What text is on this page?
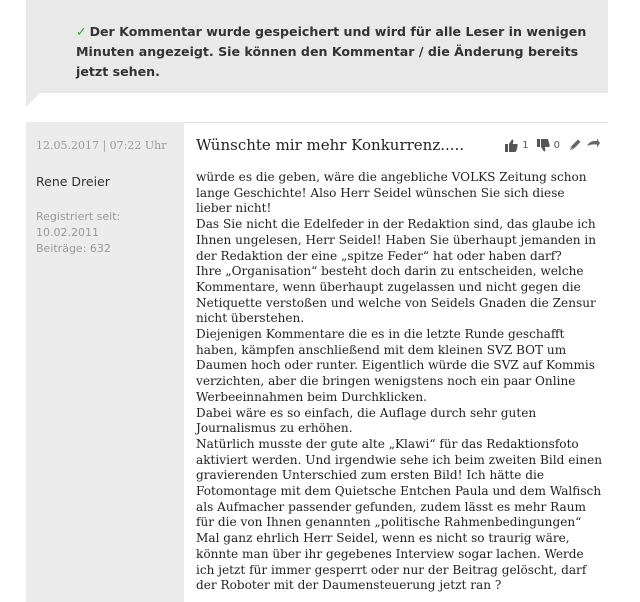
✓ Der Kommentar wurde gespeichert und wird für alle Leser in wenigen Minuten angezeigt. Sie können den Kommentar / die Änderung bereits jetzt sehen.
12.05.2017 | 07:22 Uhr
Rene Dreier
Registriert seit: 10.02.2011
Beiträge: 632
Wünschte mir mehr Konkurrenz.....	1	0

würde es die geben, wäre die angebliche VOLKS Zeitung schon lange Geschichte! Also Herr Seidel wünschen Sie sich diese lieber nicht!

Das Sie nicht die Edelfeder in der Redaktion sind, das glaube ich Ihnen ungelesen, Herr Seidel! Haben Sie überhaupt jemanden in der Redaktion der eine „spitze Feder“ hat oder haben darf?

Ihre „Organisation“ besteht doch darin zu entscheiden, welche Kommentare, wenn überhaupt zugelassen und nicht gegen die Netiquette verstoßen und welche von Seidels Gnaden die Zensur nicht überstehen.

Diejenigen Kommentare die es in die letzte Runde geschafft haben, kämpfen anschließend mit dem kleinen SVZ BOT um Daumen hoch oder runter. Eigentlich würde die SVZ auf Kommis verzichten, aber die bringen wenigstens noch ein paar Online Werbeeinnahmen beim Durchklicken.

Dabei wäre es so einfach, die Auflage durch sehr guten Journalismus zu erhöhen.

Natürlich musste der gute alte „Klawi“ für das Redaktionsfoto aktiviert werden. Und irgendwie sehe ich beim zweiten Bild einen gravierenden Unterschied zum ersten Bild! Ich hätte die Fotomontage mit dem Quietsche Entchen Paula und dem Walfisch als Aufmacher passender gefunden, zudem lässt es mehr Raum für die von Ihnen genannten „politische Rahmenbedingungen“

Mal ganz ehrlich Herr Seidel, wenn es nicht so traurig wäre, könnte man über ihr gegebenes Interview sogar lachen. Werde ich jetzt für immer gesperrt oder nur der Beitrag gelöscht, darf der Roboter mit der Daumensteuerung jetzt ran ?
